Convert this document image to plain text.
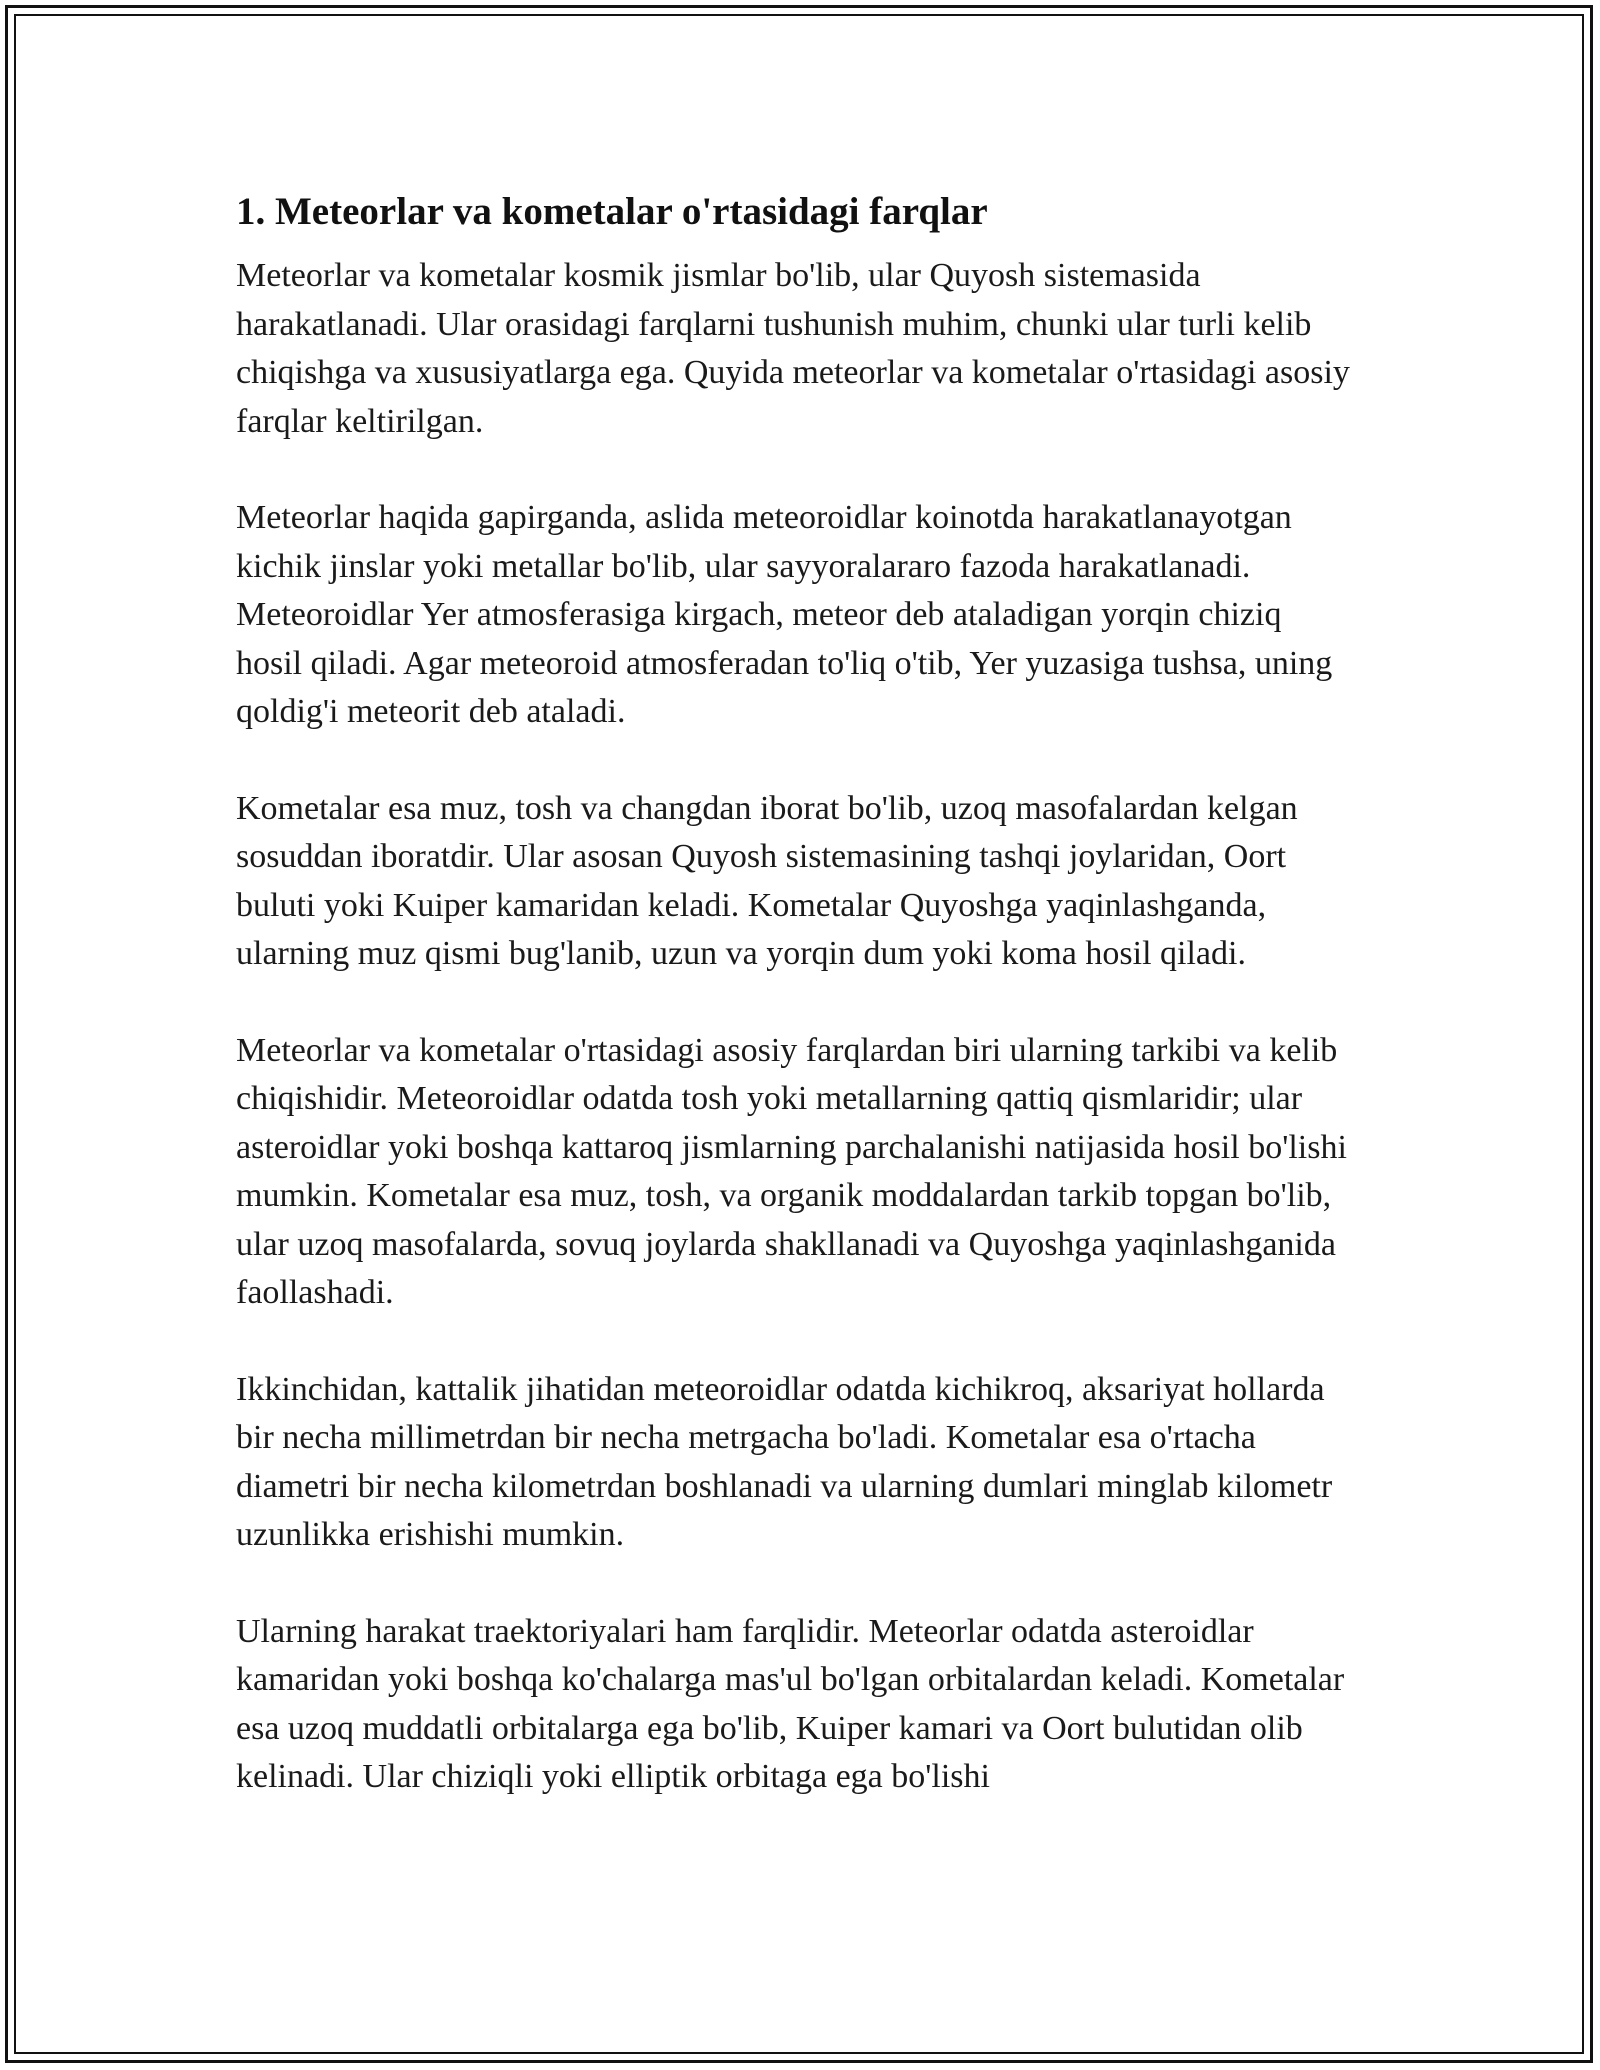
1. Meteorlar va kometalar o'rtasidagi farqlar

Meteorlar va kometalar kosmik jismlar bo'lib, ular Quyosh sistemasida harakatlanadi. Ular orasidagi farqlarni tushunish muhim, chunki ular turli kelib chiqishga va xususiyatlarga ega. Quyida meteorlar va kometalar o'rtasidagi asosiy farqlar keltirilgan.

Meteorlar haqida gapirganda, aslida meteoroidlar koinotda harakatlanayotgan kichik jinslar yoki metallar bo'lib, ular sayyoralararo fazoda harakatlanadi. Meteoroidlar Yer atmosferasiga kirgach, meteor deb ataladigan yorqin chiziq hosil qiladi. Agar meteoroid atmosferadan to'liq o'tib, Yer yuzasiga tushsa, uning qoldig'i meteorit deb ataladi.

Kometalar esa muz, tosh va changdan iborat bo'lib, uzoq masofalardan kelgan sosuddan iboratdir. Ular asosan Quyosh sistemasining tashqi joylaridan, Oort buluti yoki Kuiper kamaridan keladi. Kometalar Quyoshga yaqinlashganda, ularning muz qismi bug'lanib, uzun va yorqin dum yoki koma hosil qiladi.

Meteorlar va kometalar o'rtasidagi asosiy farqlardan biri ularning tarkibi va kelib chiqishidir. Meteoroidlar odatda tosh yoki metallarning qattiq qismlaridir; ular asteroidlar yoki boshqa kattaroq jismlarning parchalanishi natijasida hosil bo'lishi mumkin. Kometalar esa muz, tosh, va organik moddalardan tarkib topgan bo'lib, ular uzoq masofalarda, sovuq joylarda shakllanadi va Quyoshga yaqinlashganida faollashadi.

Ikkinchidan, kattalik jihatidan meteoroidlar odatda kichikroq, aksariyat hollarda bir necha millimetrdan bir necha metrgacha bo'ladi. Kometalar esa o'rtacha diametri bir necha kilometrdan boshlanadi va ularning dumlari minglab kilometr uzunlikka erishishi mumkin.

Ularning harakat traektoriyalari ham farqlidir. Meteorlar odatda asteroidlar kamaridan yoki boshqa ko'chalarga mas'ul bo'lgan orbitalardan keladi. Kometalar esa uzoq muddatli orbitalarga ega bo'lib, Kuiper kamari va Oort bulutidan olib kelinadi. Ular chiziqli yoki elliptik orbitaga ega bo'lishi
